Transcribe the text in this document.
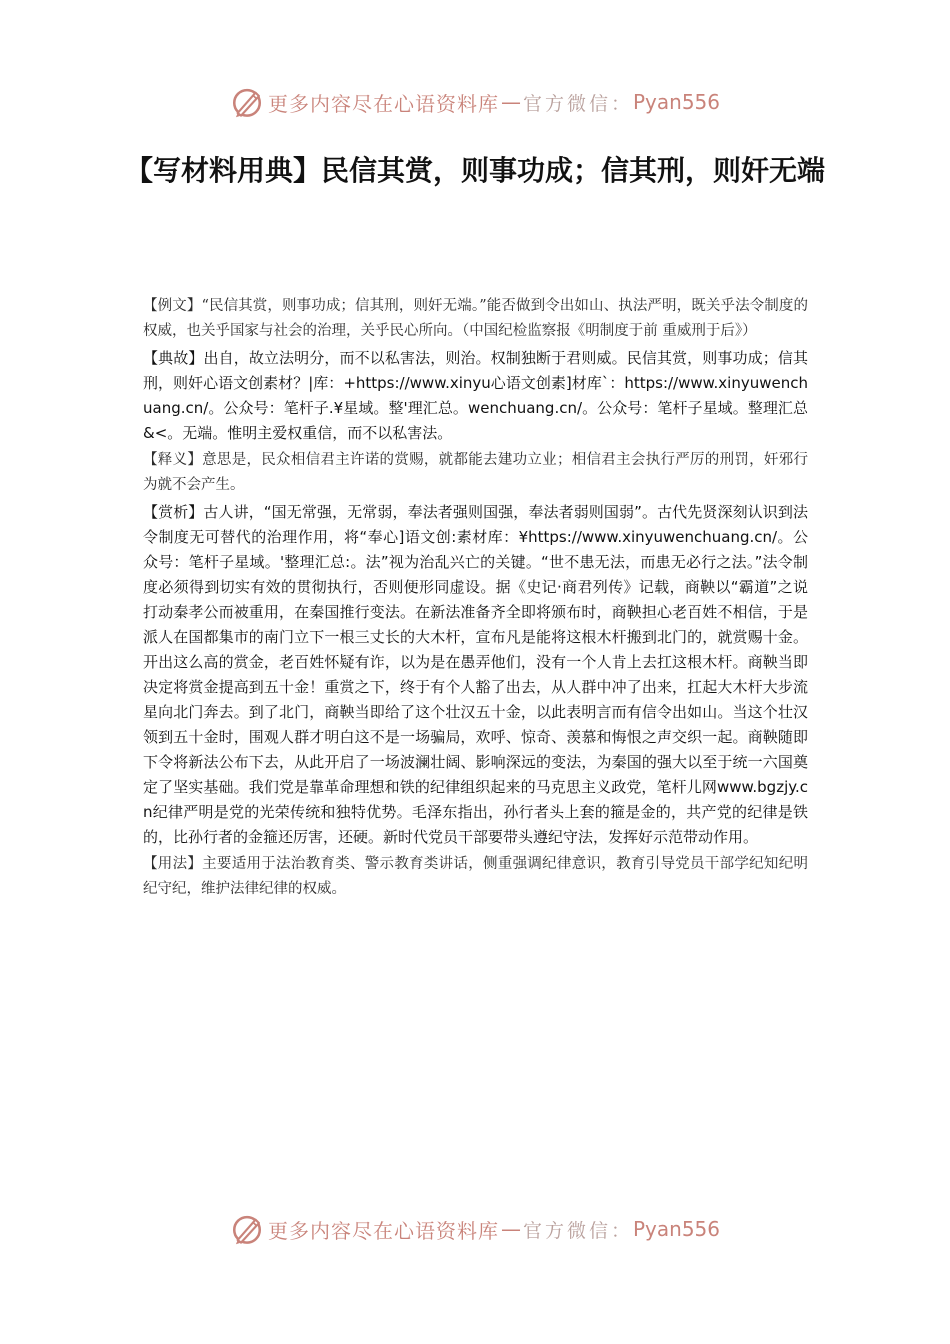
更多内容尽在心语资料库 — 官方微信： Pyan556
【写材料用典】民信其赏，则事功成；信其刑，则奸无端

【例文】“民信其赏，则事功成；信其刑，则奸无端。”能否做到令出如山、执法严明，既关乎法令制度的权威，也关乎国家与社会的治理，关乎民心所向。（中国纪检监察报《明制度于前 重威刑于后》）

【典故】出自，故立法明分，而不以私害法，则治。权制独断于君则威。民信其赏，则事功成；信其刑，则奸心语文创素材？|库：+https://www.xinyu心语文创素]材库`：https://www.xinyuwenchuang.cn/。公众号：笔杆子.¥星域。整'理汇总。wenchuang.cn/。公众号：笔杆子星域。整理汇总&<。无端。惟明主爱权重信，而不以私害法。

【释义】意思是，民众相信君主许诺的赏赐，就都能去建功立业；相信君主会执行严厉的刑罚，奸邪行为就不会产生。

【赏析】古人讲，“国无常强，无常弱，奉法者强则国强，奉法者弱则国弱”。古代先贤深刻认识到法令制度无可替代的治理作用，将“奉心]语文创:素材库：¥https://www.xinyuwenchuang.cn/。公众号：笔杆子星域。'整理汇总:。法”视为治乱兴亡的关键。“世不患无法，而患无必行之法。”法令制度必须得到切实有效的贯彻执行，否则便形同虚设。据《史记·商君列传》记载，商鞅以“霸道”之说打动秦孝公而被重用，在秦国推行变法。在新法准备齐全即将颁布时，商鞅担心老百姓不相信，于是派人在国都集市的南门立下一根三丈长的大木杆，宣布凡是能将这根木杆搬到北门的，就赏赐十金。开出这么高的赏金，老百姓怀疑有诈，以为是在愚弄他们，没有一个人肯上去扛这根木杆。商鞅当即决定将赏金提高到五十金！重赏之下，终于有个人豁了出去，从人群中冲了出来，扛起大木杆大步流星向北门奔去。到了北门，商鞅当即给了这个壮汉五十金，以此表明言而有信令出如山。当这个壮汉领到五十金时，围观人群才明白这不是一场骗局，欢呼、惊奇、羡慕和悔恨之声交织一起。商鞅随即下令将新法公布下去，从此开启了一场波澜壮阔、影响深远的变法，为秦国的强大以至于统一六国奠定了坚实基础。我们党是靠革命理想和铁的纪律组织起来的马克思主义政党，笔杆儿网www.bgzjy.cn纪律严明是党的光荣传统和独特优势。毛泽东指出，孙行者头上套的箍是金的，共产党的纪律是铁的，比孙行者的金箍还厉害，还硬。新时代党员干部要带头遵纪守法，发挥好示范带动作用。

【用法】主要适用于法治教育类、警示教育类讲话，侧重强调纪律意识，教育引导党员干部学纪知纪明纪守纪，维护法律纪律的权威。

更多内容尽在心语资料库 — 官方微信： Pyan556
